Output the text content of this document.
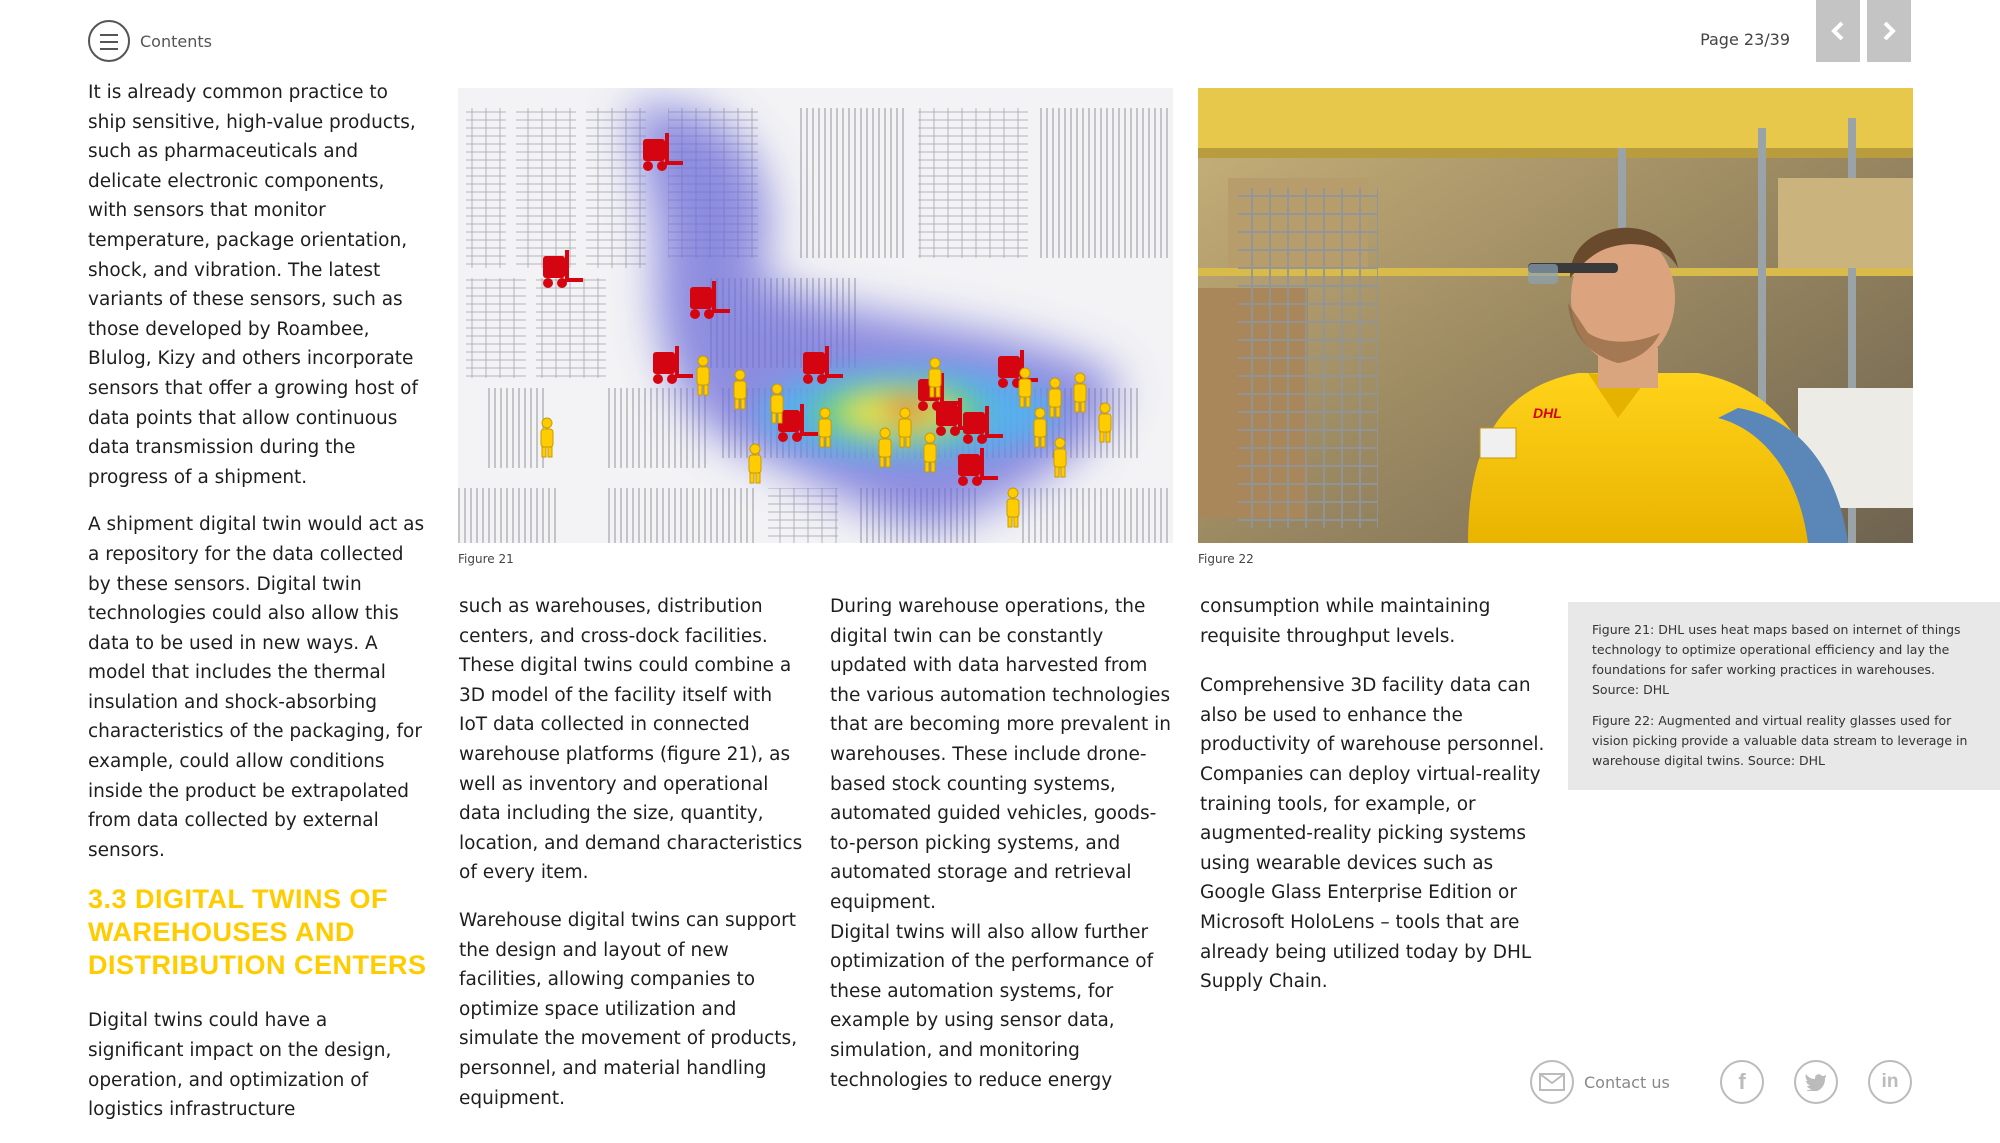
Contents	Page 23/39

It is already common practice to ship sensitive, high-value products, such as pharmaceuticals and delicate electronic components, with sensors that monitor temperature, package orientation, shock, and vibration. The latest variants of these sensors, such as those developed by Roambee, Blulog, Kizy and others incorporate sensors that offer a growing host of data points that allow continuous data transmission during the progress of a shipment.

A shipment digital twin would act as a repository for the data collected by these sensors. Digital twin technologies could also allow this data to be used in new ways. A model that includes the thermal insulation and shock-absorbing characteristics of the packaging, for example, could allow conditions inside the product be extrapolated from data collected by external sensors.

3.3 DIGITAL TWINS OF WAREHOUSES AND DISTRIBUTION CENTERS

Digital twins could have a significant impact on the design, operation, and optimization of logistics infrastructure

Figure 21
DHL
Figure 22

such as warehouses, distribution centers, and cross-dock facilities. These digital twins could combine a 3D model of the facility itself with IoT data collected in connected warehouse platforms (figure 21), as well as inventory and operational data including the size, quantity, location, and demand characteristics of every item.

Warehouse digital twins can support the design and layout of new facilities, allowing companies to optimize space utilization and simulate the movement of products, personnel, and material handling equipment.

During warehouse operations, the digital twin can be constantly updated with data harvested from the various automation technologies that are becoming more prevalent in warehouses. These include drone-based stock counting systems, automated guided vehicles, goods-to-person picking systems, and automated storage and retrieval equipment.

Digital twins will also allow further optimization of the performance of these automation systems, for example by using sensor data, simulation, and monitoring technologies to reduce energy

consumption while maintaining requisite throughput levels.

Comprehensive 3D facility data can also be used to enhance the productivity of warehouse personnel. Companies can deploy virtual-reality training tools, for example, or augmented-reality picking systems using wearable devices such as Google Glass Enterprise Edition or Microsoft HoloLens – tools that are already being utilized today by DHL Supply Chain.

Figure 21: DHL uses heat maps based on internet of things technology to optimize operational efficiency and lay the foundations for safer working practices in warehouses. Source: DHL

Figure 22: Augmented and virtual reality glasses used for vision picking provide a valuable data stream to leverage in warehouse digital twins. Source: DHL

Contact us	f	in
